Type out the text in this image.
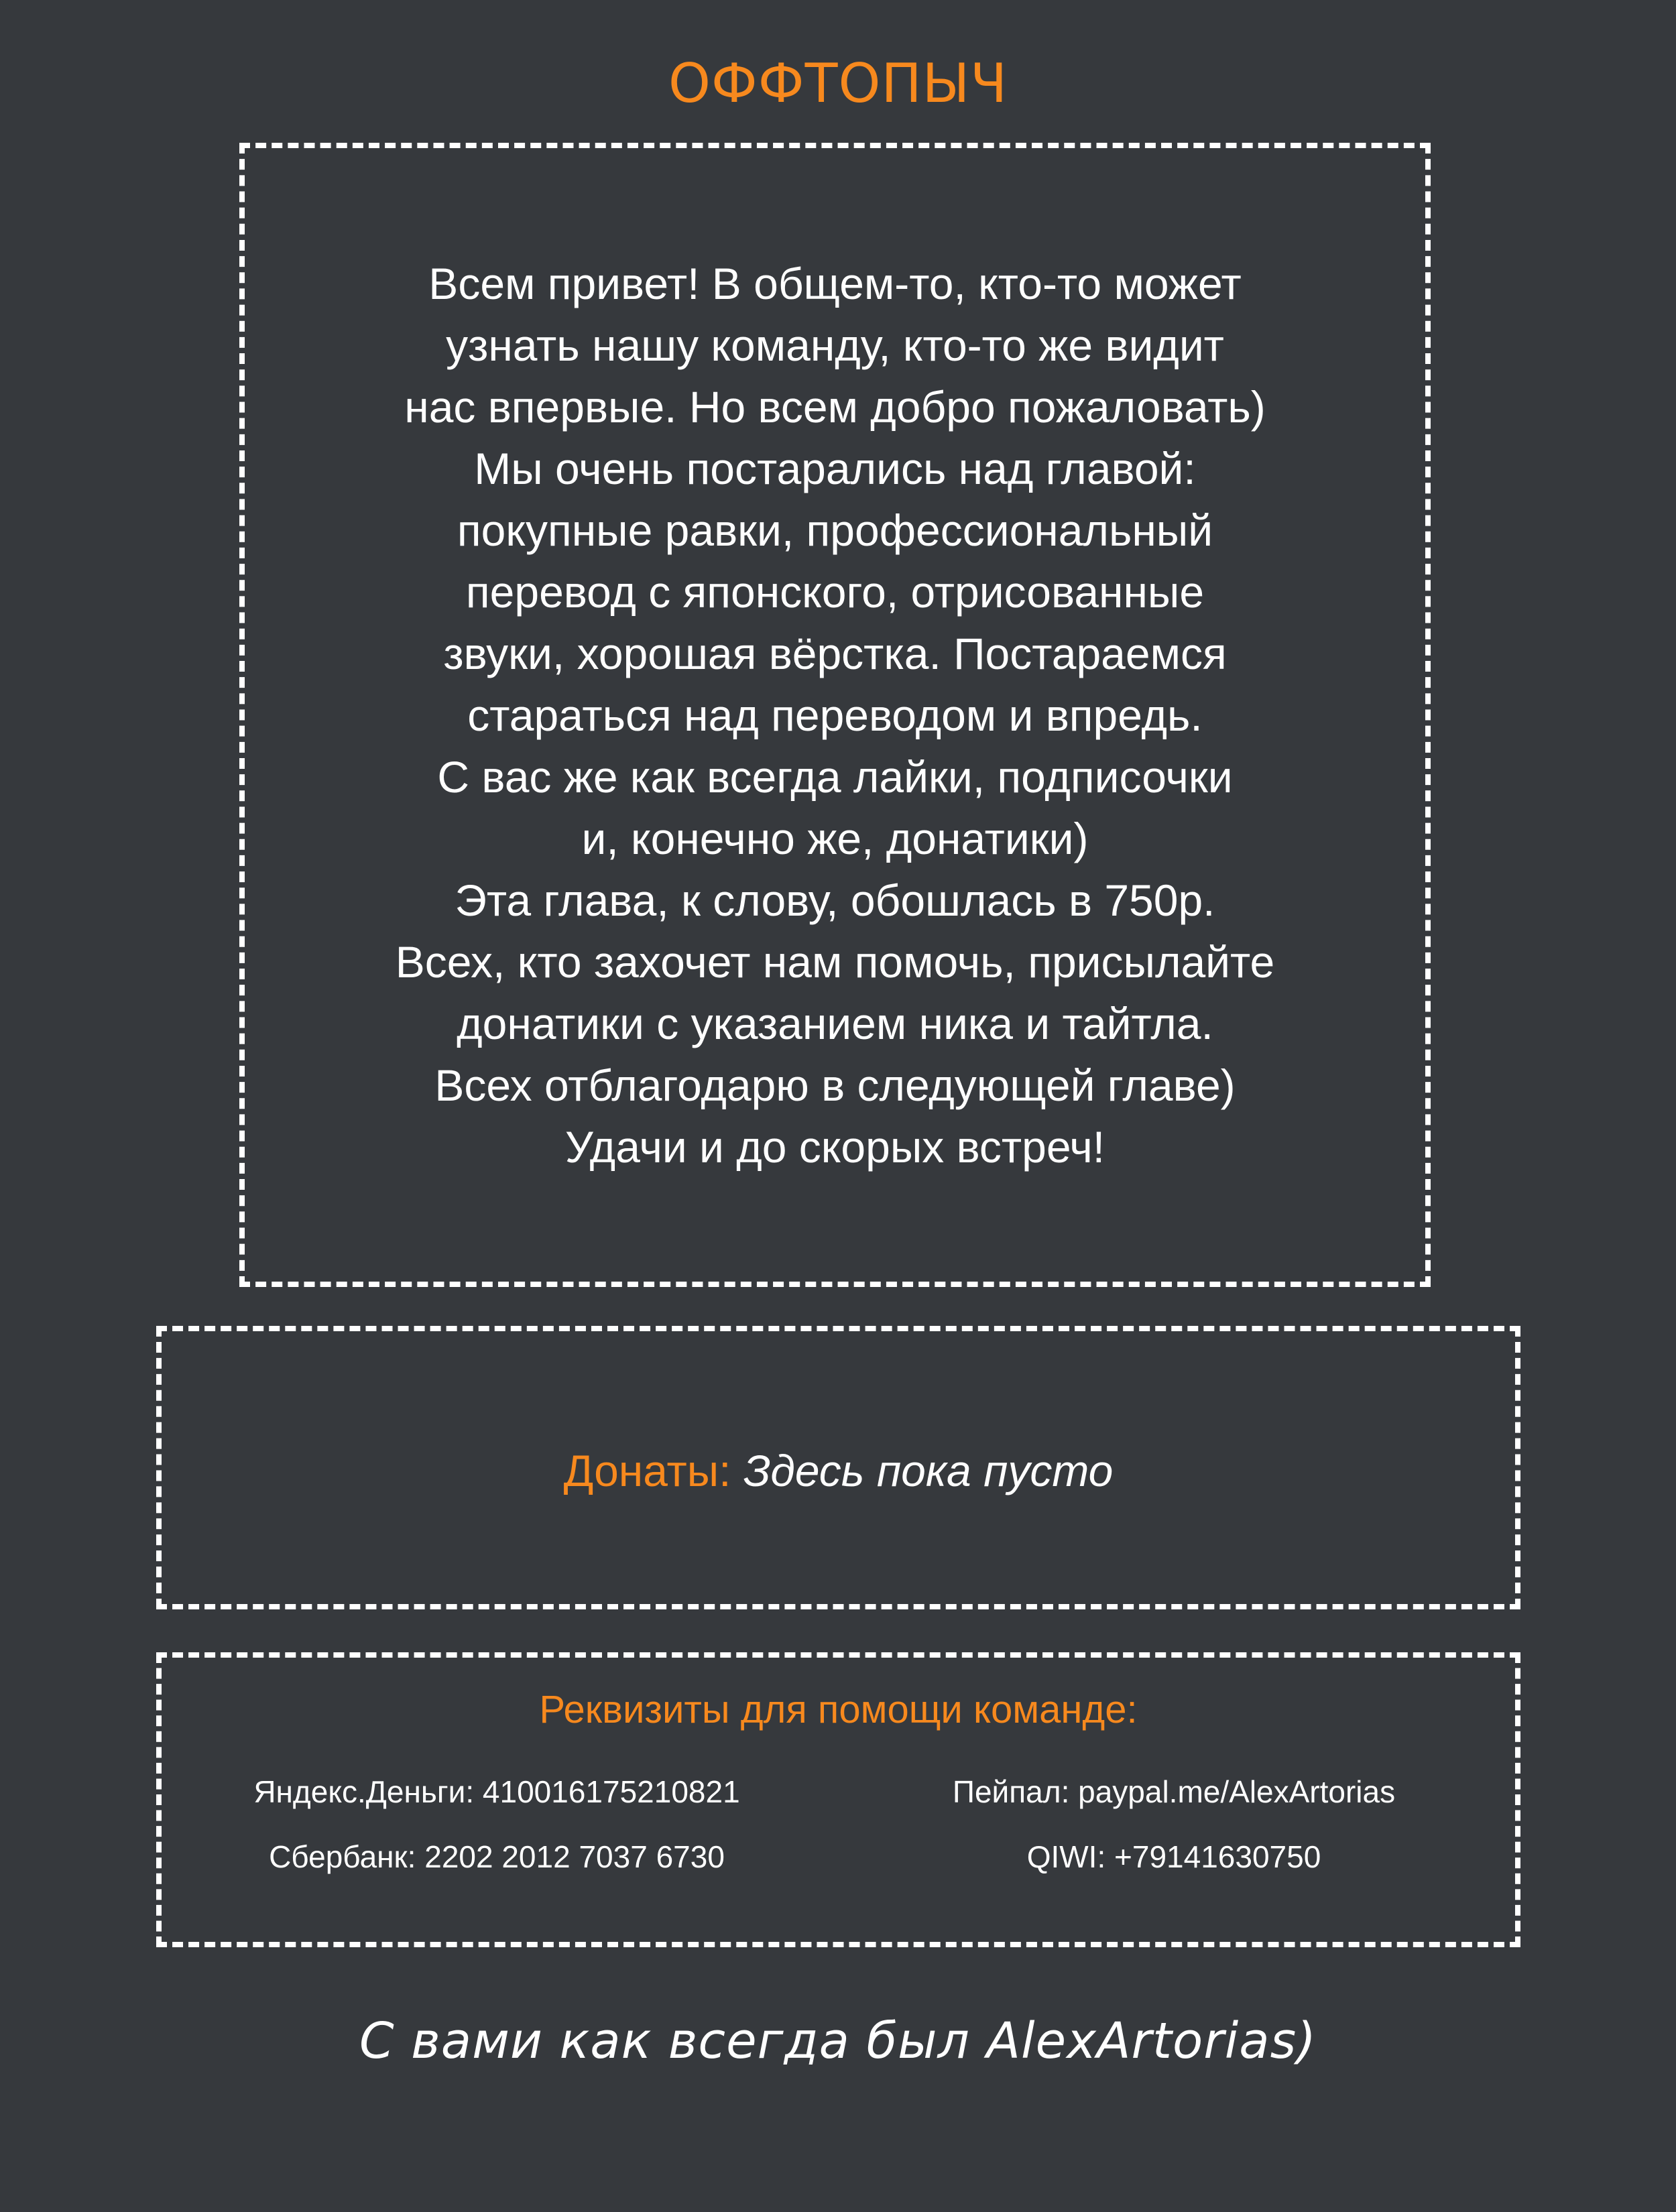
ОФФТОПЫЧ

Всем привет! В общем-то, кто-то может
узнать нашу команду, кто-то же видит
нас впервые. Но всем добро пожаловать)
Мы очень постарались над главой:
покупные равки, профессиональный
перевод с японского, отрисованные
звуки, хорошая вёрстка. Постараемся
стараться над переводом и впредь.
С вас же как всегда лайки, подписочки
и, конечно же, донатики)
Эта глава, к слову, обошлась в 750р.
Всех, кто захочет нам помочь, присылайте
донатики с указанием ника и тайтла.
Всех отблагодарю в следующей главе)
Удачи и до скорых встреч!

Донаты: Здесь пока пусто
Реквизиты для помощи команде:
Яндекс.Деньги: 410016175210821	Пейпал: paypal.me/AlexArtorias
Сбербанк: 2202 2012 7037 6730	QIWI: +79141630750
С вами как всегда был AlexArtorias)
